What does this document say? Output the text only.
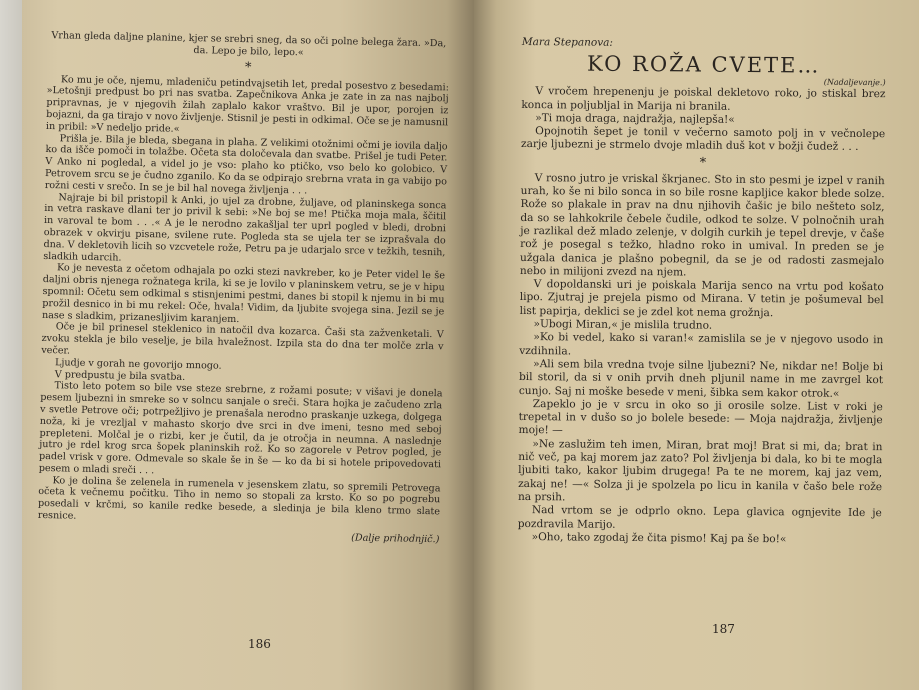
Vrhan gleda daljne planine, kjer se srebri sneg, da so oči polne belega žara. »Da, da. Lepo je bilo, lepo.«

*

Ko mu je oče, njemu, mladeniču petindvajsetih let, predal posestvo z besedami: »Letošnji predpust bo pri nas svatba. Zapečnikova Anka je zate in za nas najbolj pripravnas, je v njegovih žilah zaplalo kakor vraštvo. Bil je upor, porojen iz bojazni, da ga tirajo v novo življenje. Stisnil je pesti in odkimal. Oče se je namusnil in pribil: »V nedeljo pride.«

Prišla je. Bila je bleda, sbegana in plaha. Z velikimi otožnimi očmi je iovila daljo ko da išče pomoči in tolažbe. Očeta sta določevala dan svatbe. Prišel je tudi Peter. V Anko ni pogledal, a videl jo je vso: plaho ko ptičko, vso belo ko golobico. V Petrovem srcu se je čudno zganilo. Ko da se odpirajo srebrna vrata in ga vabijo po rožni cesti v srečo. In se je bil hal novega življenja . . .

Najraje bi bil pristopil k Anki, jo ujel za drobne, žuljave, od planinskega sonca in vetra raskave dlani ter jo privil k sebi: »Ne boj se me! Ptička moja mala, ščitil in varoval te bom . . .« A je le nerodno zakašljal ter uprl pogled v bledi, drobni obrazek v okvirju pisane, svilene rute. Pogleda sta se ujela ter se izprašvala do dna. V dekletovih licih so vzcvetele rože, Petru pa je udarjalo srce v težkih, tesnih, sladkih udarcih.

Ko je nevesta z očetom odhajala po ozki stezi navkreber, ko je Peter videl le še daljni obris njenega rožnatega krila, ki se je lovilo v planinskem vetru, se je v hipu spomnil: Očetu sem odkimal s stisnjenimi pestmi, danes bi stopil k njemu in bi mu prožil desnico in bi mu rekel: Oče, hvala! Vidim, da ljubite svojega sina. Jezil se je nase s sladkim, prizanesljivim karanjem.

Oče je bil prinesel steklenico in natočil dva kozarca. Čaši sta zažvenketali. V zvoku stekla je bilo veselje, je bila hvaležnost. Izpila sta do dna ter molče zrla v večer.

Ljudje v gorah ne govorijo mnogo.

V predpustu je bila svatba.

Tisto leto potem so bile vse steze srebrne, z rožami posute; v višavi je donela pesem ljubezni in smreke so v solncu sanjale o sreči. Stara hojka je začudeno zrla v svetle Petrove oči; potrpežljivo je prenašala nerodno praskanje uzkega, dolgega noža, ki je vrezljal v mahasto skorjo dve srci in dve imeni, tesno med seboj prepleteni. Molčal je o rizbi, ker je čutil, da je otročja in neumna. A naslednje jutro je rdel krog srca šopek planinskih rož. Ko so zagorele v Petrov pogled, je padel vrisk v gore. Odmevale so skale še in še — ko da bi si hotele pripovedovati pesem o mladi sreči . . .

Ko je dolina še zelenela in rumenela v jesenskem zlatu, so spremili Petrovega očeta k večnemu počitku. Tiho in nemo so stopali za krsto. Ko so po pogrebu posedali v krčmi, so kanile redke besede, a sledinja je bila kleno trmo slate resnice.

(Dalje prihodnjič.)
186
Mara Stepanova:
KO ROŽA CVETE…
(Nadaljevanje.)

V vročem hrepenenju je poiskal dekletovo roko, jo stiskal brez konca in poljubljal in Marija ni branila.

»Ti moja draga, najdražja, najlepša!«

Opojnotih šepet je tonil v večerno samoto polj in v večnolepe zarje ljubezni je strmelo dvoje mladih duš kot v božji čudež . . .

*

V rosno jutro je vriskal škrjanec. Sto in sto pesmi je izpel v ranih urah, ko še ni bilo sonca in so bile rosne kapljice kakor blede solze. Rože so plakale in prav na dnu njihovih čašic je bilo nešteto solz, da so se lahkokrile čebele čudile, odkod te solze. V polnočnih urah je razlikal dež mlado zelenje, v dolgih curkih je tepel drevje, v čaše rož je posegal s težko, hladno roko in umival. In preden se je užgala danica je plašno pobegnil, da se je od radosti zasmejalo nebo in milijoni zvezd na njem.

V dopoldanski uri je poiskala Marija senco na vrtu pod košato lipo. Zjutraj je prejela pismo od Mirana. V tetin je pošumeval bel list papirja, deklici se je zdel kot nema grožnja.

»Ubogi Miran,« je mislila trudno.

»Ko bi vedel, kako si varan!« zamislila se je v njegovo usodo in vzdihnila.

»Ali sem bila vredna tvoje silne ljubezni? Ne, nikdar ne! Bolje bi bil storil, da si v onih prvih dneh pljunil name in me zavrgel kot cunjo. Saj ni moške besede v meni, šibka sem kakor otrok.«

Zapeklo jo je v srcu in oko so ji orosile solze. List v roki je trepetal in v dušo so jo bolele besede: — Moja najdražja, življenje moje! —

»Ne zaslužim teh imen, Miran, brat moj! Brat si mi, da; brat in nič več, pa kaj morem jaz zato? Pol življenja bi dala, ko bi te mogla ljubiti tako, kakor ljubim drugega! Pa te ne morem, kaj jaz vem, zakaj ne! —« Solza ji je spolzela po licu in kanila v čašo bele rože na prsih.

Nad vrtom se je odprlo okno. Lepa glavica ognjevite Ide je pozdravila Marijo.

»Oho, tako zgodaj že čita pismo! Kaj pa še bo!«

187
